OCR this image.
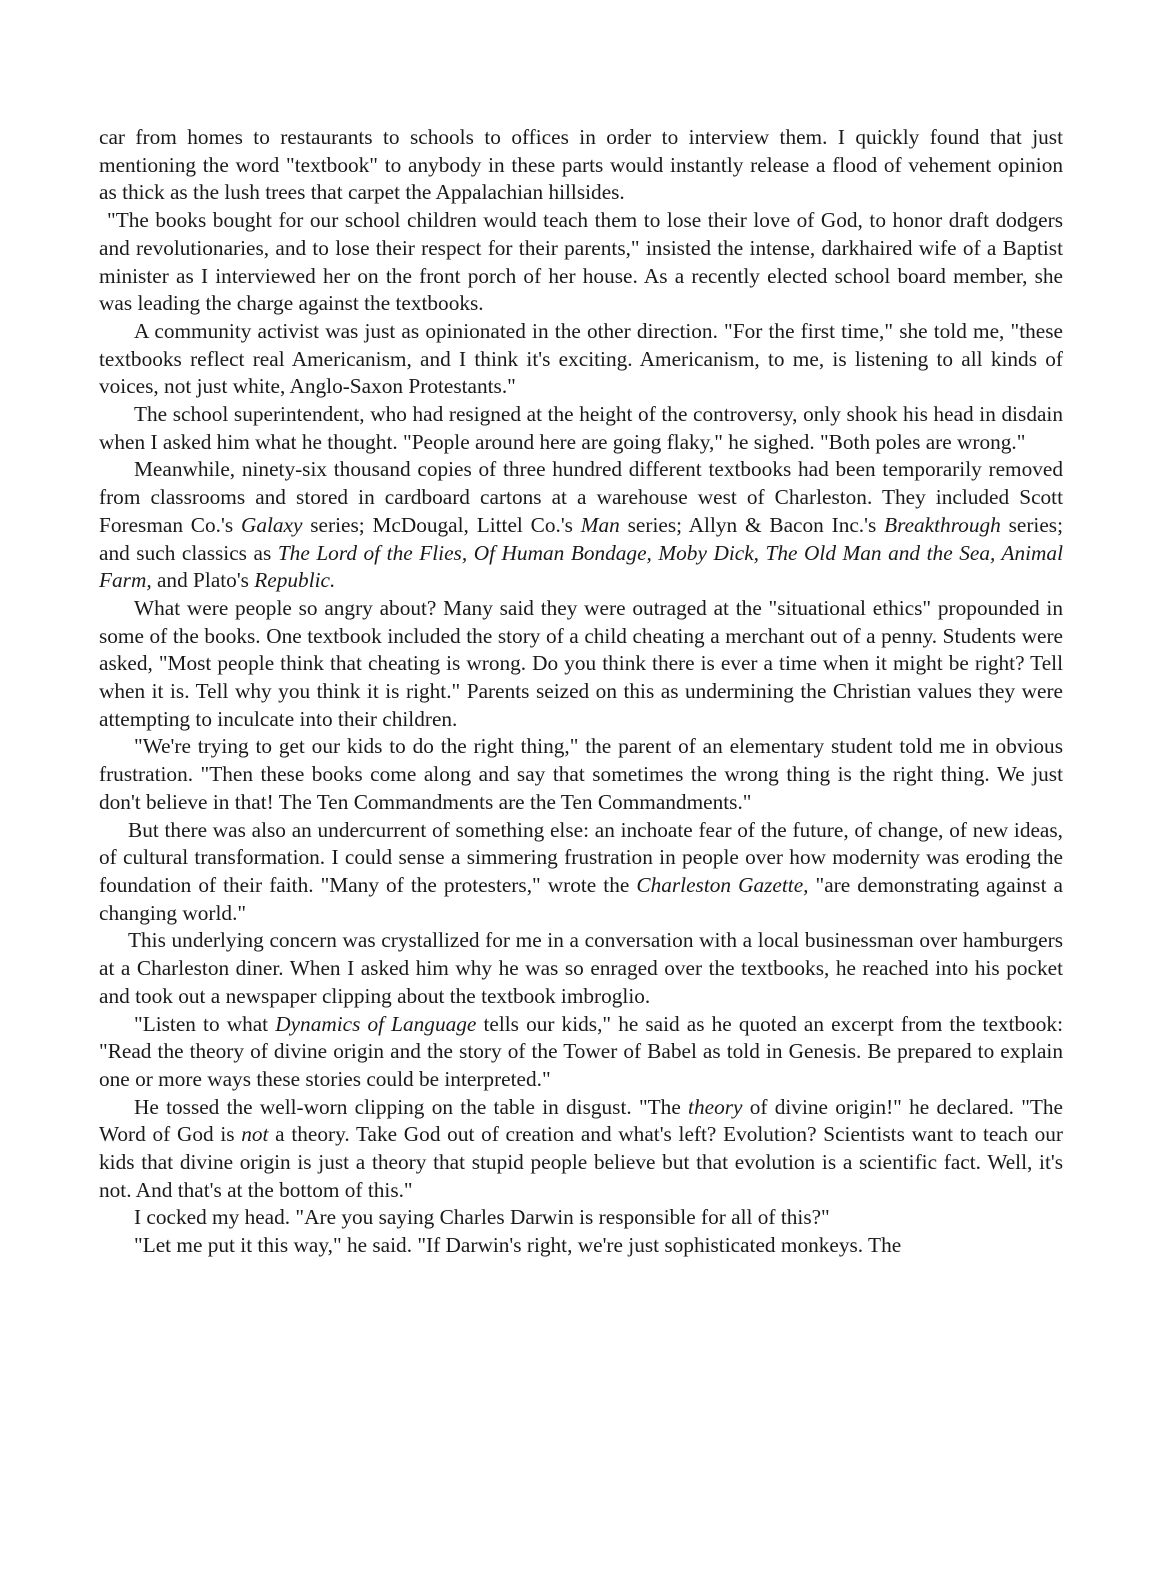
car from homes to restaurants to schools to offices in order to interview them. I quickly found that just mentioning the word "textbook" to anybody in these parts would instantly release a flood of vehement opinion as thick as the lush trees that carpet the Appalachian hillsides.

"The books bought for our school children would teach them to lose their love of God, to honor draft dodgers and revolutionaries, and to lose their respect for their parents," insisted the intense, darkhaired wife of a Baptist minister as I interviewed her on the front porch of her house. As a recently elected school board member, she was leading the charge against the textbooks.

A community activist was just as opinionated in the other direction. "For the first time," she told me, "these textbooks reflect real Americanism, and I think it's exciting. Americanism, to me, is listening to all kinds of voices, not just white, Anglo-Saxon Protestants."

The school superintendent, who had resigned at the height of the controversy, only shook his head in disdain when I asked him what he thought. "People around here are going flaky," he sighed. "Both poles are wrong."

Meanwhile, ninety-six thousand copies of three hundred different textbooks had been temporarily removed from classrooms and stored in cardboard cartons at a warehouse west of Charleston. They included Scott Foresman Co.'s Galaxy series; McDougal, Littel Co.'s Man series; Allyn & Bacon Inc.'s Breakthrough series; and such classics as The Lord of the Flies, Of Human Bondage, Moby Dick, The Old Man and the Sea, Animal Farm, and Plato's Republic.

What were people so angry about? Many said they were outraged at the "situational ethics" propounded in some of the books. One textbook included the story of a child cheating a merchant out of a penny. Students were asked, "Most people think that cheating is wrong. Do you think there is ever a time when it might be right? Tell when it is. Tell why you think it is right." Parents seized on this as undermining the Christian values they were attempting to inculcate into their children.

"We're trying to get our kids to do the right thing," the parent of an elementary student told me in obvious frustration. "Then these books come along and say that sometimes the wrong thing is the right thing. We just don't believe in that! The Ten Commandments are the Ten Commandments."

But there was also an undercurrent of something else: an inchoate fear of the future, of change, of new ideas, of cultural transformation. I could sense a simmering frustration in people over how modernity was eroding the foundation of their faith. "Many of the protesters," wrote the Charleston Gazette, "are demonstrating against a changing world."

This underlying concern was crystallized for me in a conversation with a local businessman over hamburgers at a Charleston diner. When I asked him why he was so enraged over the textbooks, he reached into his pocket and took out a newspaper clipping about the textbook imbroglio.

"Listen to what Dynamics of Language tells our kids," he said as he quoted an excerpt from the textbook: "Read the theory of divine origin and the story of the Tower of Babel as told in Genesis. Be prepared to explain one or more ways these stories could be interpreted."

He tossed the well-worn clipping on the table in disgust. "The theory of divine origin!" he declared. "The Word of God is not a theory. Take God out of creation and what's left? Evolution? Scientists want to teach our kids that divine origin is just a theory that stupid people believe but that evolution is a scientific fact. Well, it's not. And that's at the bottom of this."

I cocked my head. "Are you saying Charles Darwin is responsible for all of this?"

"Let me put it this way," he said. "If Darwin's right, we're just sophisticated monkeys. The
